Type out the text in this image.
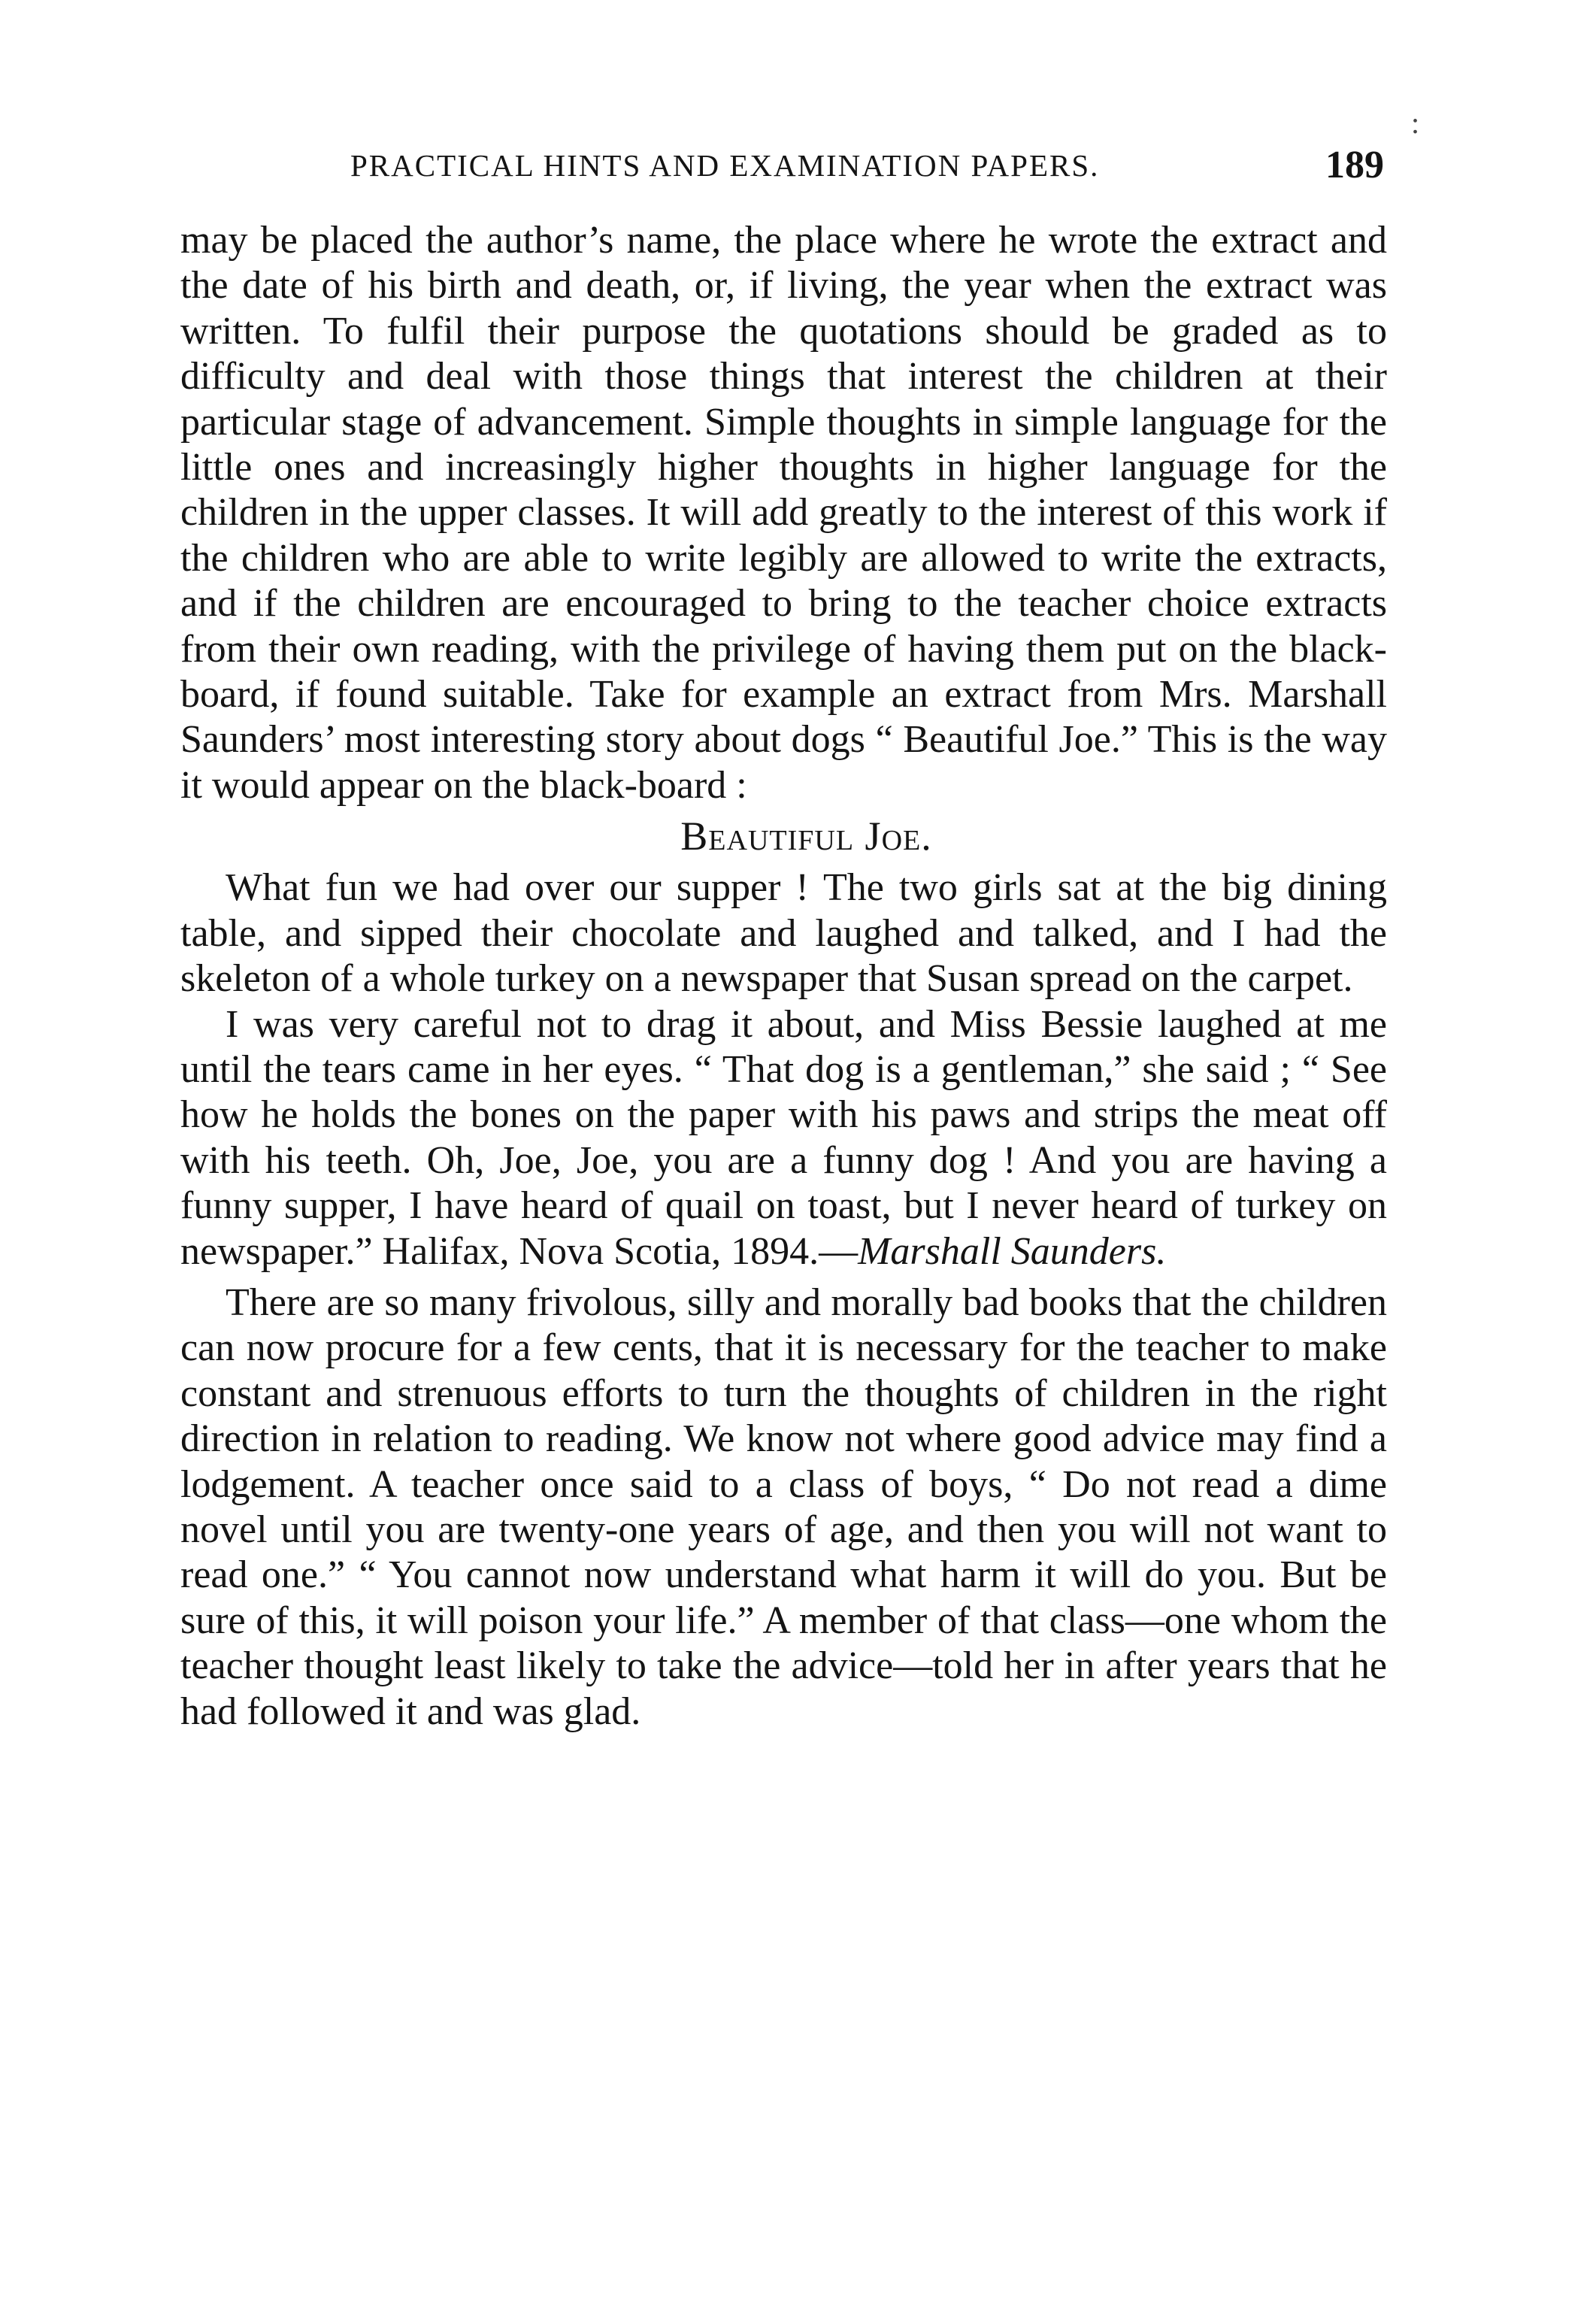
:
PRACTICAL HINTS AND EXAMINATION PAPERS.	189

may be placed the author’s name, the place where he wrote the extract and the date of his birth and death, or, if living, the year when the extract was written. To fulfil their purpose the quotations should be graded as to difficulty and deal with those things that interest the children at their particular stage of advancement. Simple thoughts in simple language for the little ones and increasingly higher thoughts in higher language for the children in the upper classes. It will add greatly to the interest of this work if the children who are able to write legibly are allowed to write the extracts, and if the children are encouraged to bring to the teacher choice extracts from their own reading, with the privilege of having them put on the black-board, if found suitable. Take for example an extract from Mrs. Marshall Saunders’ most interesting story about dogs “ Beautiful Joe.” This is the way it would appear on the black-board :

Beautiful Joe.

What fun we had over our supper ! The two girls sat at the big dining table, and sipped their chocolate and laughed and talked, and I had the skeleton of a whole turkey on a newspaper that Susan spread on the carpet.

I was very careful not to drag it about, and Miss Bessie laughed at me until the tears came in her eyes. “ That dog is a gentleman,” she said ; “ See how he holds the bones on the paper with his paws and strips the meat off with his teeth. Oh, Joe, Joe, you are a funny dog ! And you are having a funny supper, I have heard of quail on toast, but I never heard of turkey on newspaper.” Halifax, Nova Scotia, 1894.—Marshall Saunders.

There are so many frivolous, silly and morally bad books that the children can now procure for a few cents, that it is necessary for the teacher to make constant and strenuous efforts to turn the thoughts of children in the right direction in relation to reading. We know not where good advice may find a lodgement. A teacher once said to a class of boys, “ Do not read a dime novel until you are twenty-one years of age, and then you will not want to read one.” “ You cannot now understand what harm it will do you. But be sure of this, it will poison your life.” A member of that class—one whom the teacher thought least likely to take the advice—told her in after years that he had followed it and was glad.
